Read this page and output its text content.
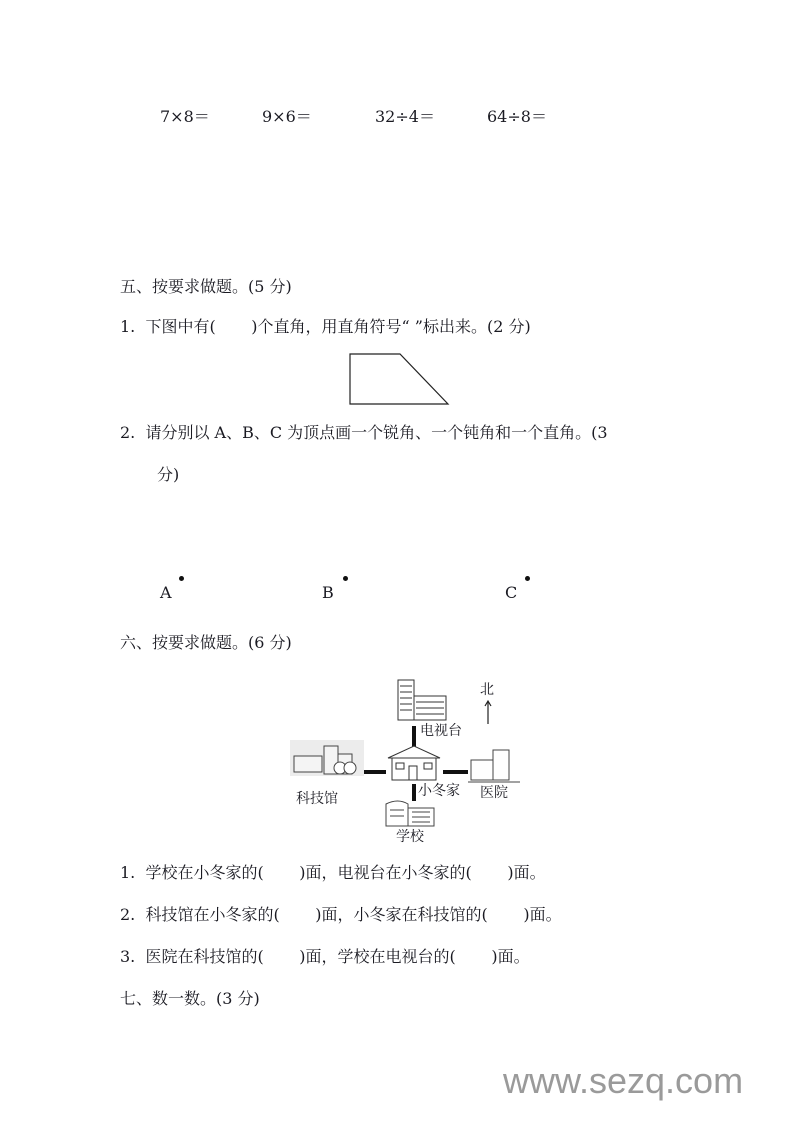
7×8＝	9×6＝	32÷4＝	64÷8＝
五、按要求做题。(5 分)
1.  下图中有(       )个直角，用直角符号“ ”标出来。(2 分)
2.  请分别以 A、B、C 为顶点画一个锐角、一个钝角和一个直角。(3
分)
A	B	C
六、按要求做题。(6 分)
北
电视台
小冬家
科技馆	医院
学校
1.  学校在小冬家的(       )面，电视台在小冬家的(       )面。
2.  科技馆在小冬家的(       )面，小冬家在科技馆的(       )面。
3.  医院在科技馆的(       )面，学校在电视台的(       )面。
七、数一数。(3 分)
www.sezq.com
